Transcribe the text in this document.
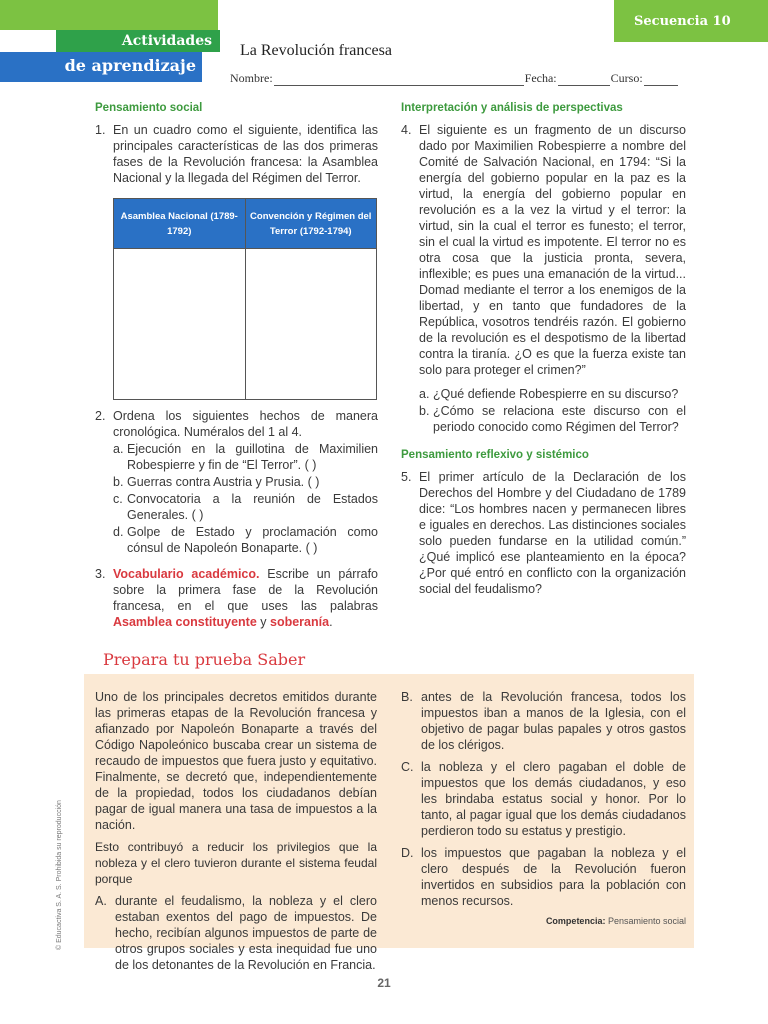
Actividades
de aprendizaje
Secuencia 10
La Revolución francesa
Nombre:	Fecha:	Curso:
Pensamiento social
1. En un cuadro como el siguiente, identifica las principales características de las dos primeras fases de la Revolución francesa: la Asamblea Nacional y la llegada del Régimen del Terror.
Asamblea Nacional (1789-1792)	Convención y Régimen del Terror (1792-1794)

2. Ordena los siguientes hechos de manera cronológica. Numéralos del 1 al 4.
a. Ejecución en la guillotina de Maximilien Robespierre y fin de “El Terror”. ( )
b. Guerras contra Austria y Prusia. ( )
c. Convocatoria a la reunión de Estados Generales. ( )
d. Golpe de Estado y proclamación como cónsul de Napoleón Bonaparte. ( )
3. Vocabulario académico. Escribe un párrafo sobre la primera fase de la Revolución francesa, en el que uses las palabras Asamblea constituyente y soberanía.
Interpretación y análisis de perspectivas
4. El siguiente es un fragmento de un discurso dado por Maximilien Robespierre a nombre del Comité de Salvación Nacional, en 1794: “Si la energía del gobierno popular en la paz es la virtud, la energía del gobierno popular en revolución es a la vez la virtud y el terror: la virtud, sin la cual el terror es funesto; el terror, sin el cual la virtud es impotente. El terror no es otra cosa que la justicia pronta, severa, inflexible; es pues una emanación de la virtud... Domad mediante el terror a los enemigos de la libertad, y en tanto que fundadores de la República, vosotros tendréis razón. El gobierno de la revolución es el despotismo de la libertad contra la tiranía. ¿O es que la fuerza existe tan solo para proteger el crimen?”
a. ¿Qué defiende Robespierre en su discurso?
b. ¿Cómo se relaciona este discurso con el periodo conocido como Régimen del Terror?
Pensamiento reflexivo y sistémico
5. El primer artículo de la Declaración de los Derechos del Hombre y del Ciudadano de 1789 dice: “Los hombres nacen y permanecen libres e iguales en derechos. Las distinciones sociales solo pueden fundarse en la utilidad común.” ¿Qué implicó ese planteamiento en la época? ¿Por qué entró en conflicto con la organización social del feudalismo?
Prepara tu prueba Saber
Uno de los principales decretos emitidos durante las primeras etapas de la Revolución francesa y afianzado por Napoleón Bonaparte a través del Código Napoleónico buscaba crear un sistema de recaudo de impuestos que fuera justo y equitativo. Finalmente, se decretó que, independientemente de la propiedad, todos los ciudadanos debían pagar de igual manera una tasa de impuestos a la nación.
Esto contribuyó a reducir los privilegios que la nobleza y el clero tuvieron durante el sistema feudal porque
A. durante el feudalismo, la nobleza y el clero estaban exentos del pago de impuestos. De hecho, recibían algunos impuestos de parte de otros grupos sociales y esta inequidad fue uno de los detonantes de la Revolución en Francia.
B. antes de la Revolución francesa, todos los impuestos iban a manos de la Iglesia, con el objetivo de pagar bulas papales y otros gastos de los clérigos.
C. la nobleza y el clero pagaban el doble de impuestos que los demás ciudadanos, y eso les brindaba estatus social y honor. Por lo tanto, al pagar igual que los demás ciudadanos perdieron todo su estatus y prestigio.
D. los impuestos que pagaban la nobleza y el clero después de la Revolución fueron invertidos en subsidios para la población con menos recursos.
Competencia: Pensamiento social
© Educactiva S. A. S. Prohibida su reproducción
21
